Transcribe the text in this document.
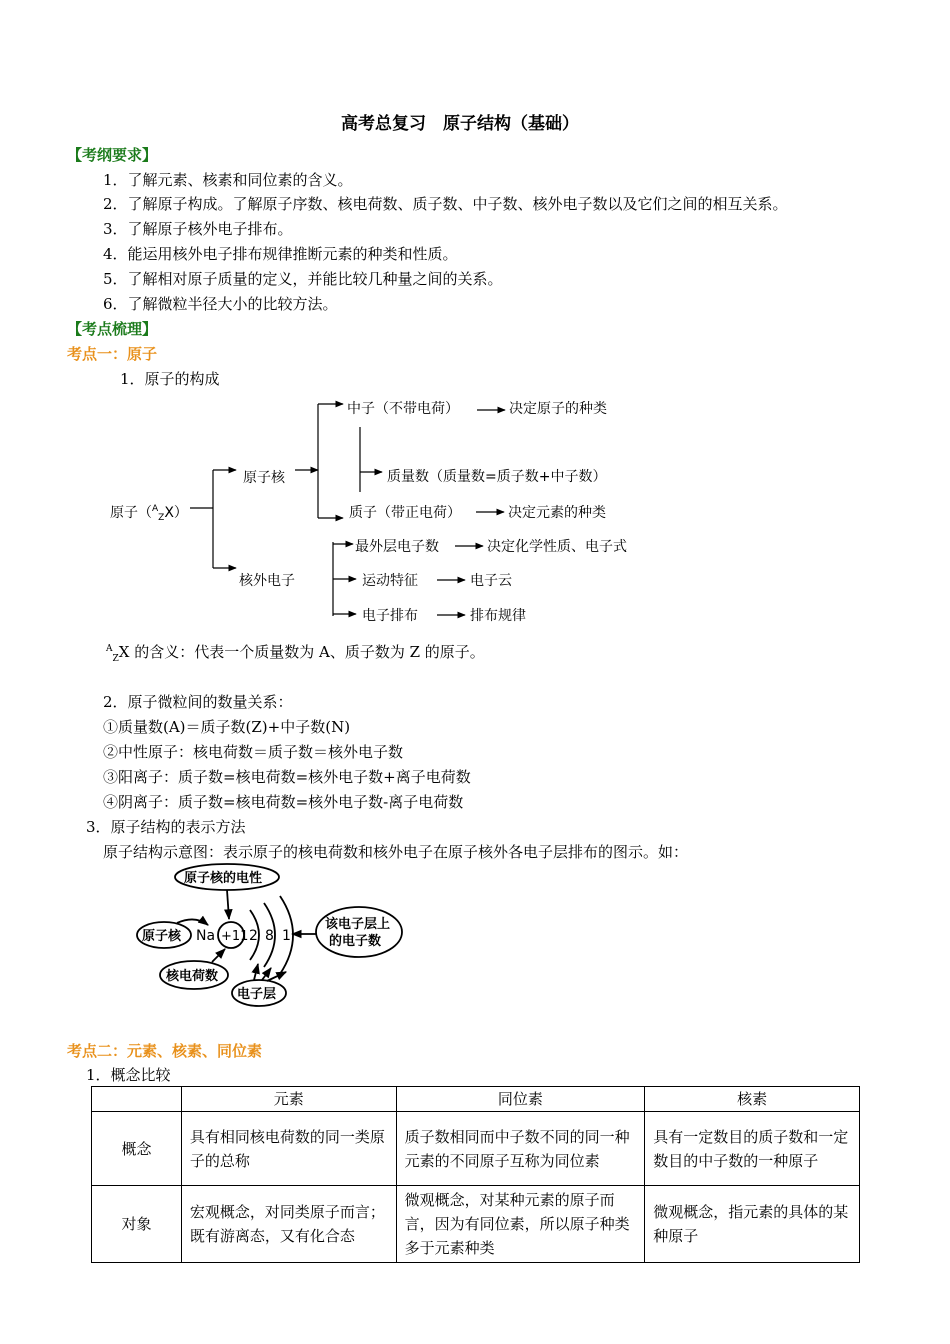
高考总复习　原子结构（基础）
【考纲要求】
1．了解元素、核素和同位素的含义。
2．了解原子构成。了解原子序数、核电荷数、质子数、中子数、核外电子数以及它们之间的相互关系。
3．了解原子核外电子排布。
4．能运用核外电子排布规律推断元素的种类和性质。
5．了解相对原子质量的定义，并能比较几种量之间的关系。
6．了解微粒半径大小的比较方法。
【考点梳理】
考点一：原子
1．原子的构成
原子（$^A_Z$X）
原子核
中子（不带电荷）	决定原子的种类
质量数（质量数=质子数+中子数）
质子（带正电荷）	决定元素的种类
核外电子
最外层电子数	决定化学性质、电子式
运动特征	电子云
电子排布	排布规律
$^A_Z$X 的含义：代表一个质量数为 A、质子数为 Z 的原子。
2．原子微粒间的数量关系：
①质量数(A)＝质子数(Z)+中子数(N)
②中性原子：核电荷数＝质子数＝核外电子数
③阳离子：质子数=核电荷数=核外电子数+离子电荷数
④阴离子：质子数=核电荷数=核外电子数-离子电荷数
3．原子结构的表示方法
原子结构示意图：表示原子的核电荷数和核外电子在原子核外各电子层排布的图示。如：
原子核的电性
原子核
核电荷数
电子层
该电子层上
的电子数
Na +11 2 8 1
考点二：元素、核素、同位素
1．概念比较
	元素	同位素	核素
概念	具有相同核电荷数的同一类原子的总称	质子数相同而中子数不同的同一种元素的不同原子互称为同位素	具有一定数目的质子数和一定数目的中子数的一种原子
对象	宏观概念，对同类原子而言；既有游离态，又有化合态	微观概念，对某种元素的原子而言，因为有同位素，所以原子种类多于元素种类	微观概念，指元素的具体的某种原子
